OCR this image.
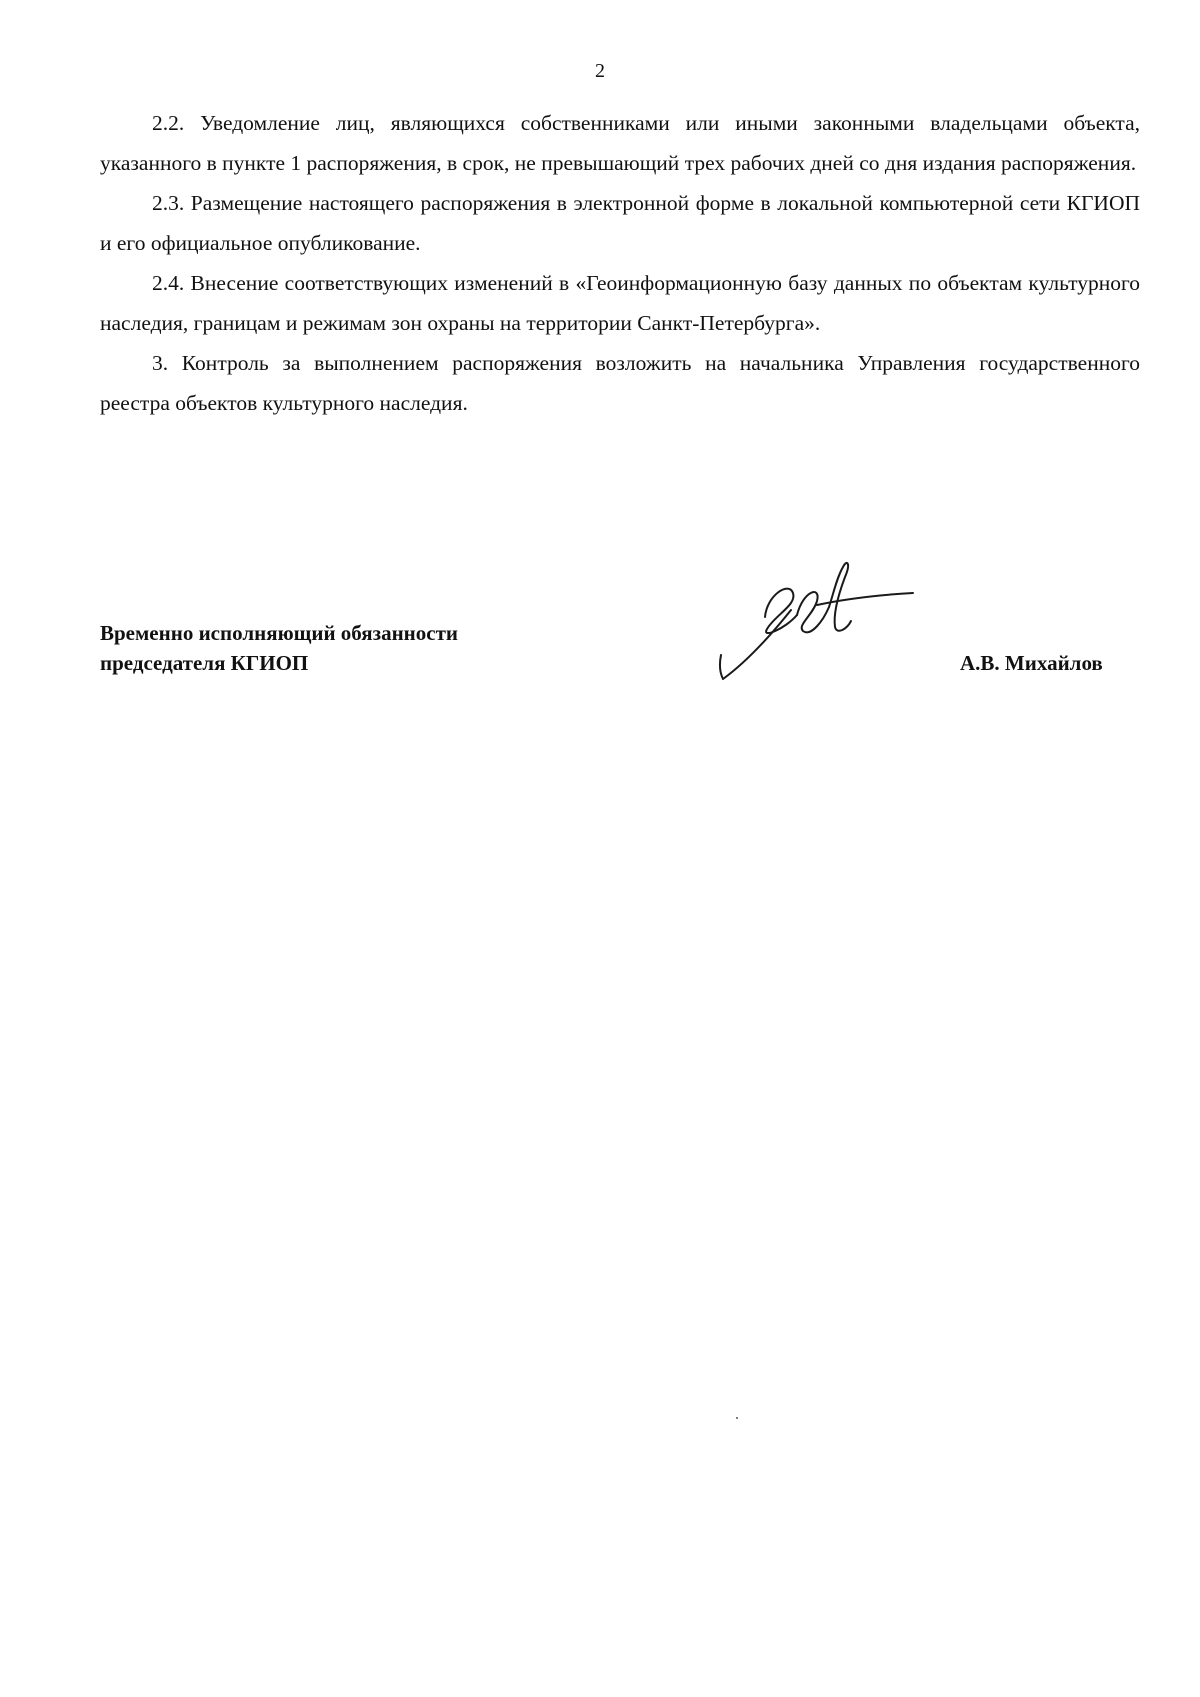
2

2.2. Уведомление лиц, являющихся собственниками или иными законными владельцами объекта, указанного в пункте 1 распоряжения, в срок, не превышающий трех рабочих дней со дня издания распоряжения.

2.3. Размещение настоящего распоряжения в электронной форме в локальной компьютерной сети КГИОП и его официальное опубликование.

2.4. Внесение соответствующих изменений в «Геоинформационную базу данных по объектам культурного наследия, границам и режимам зон охраны на территории Санкт-Петербурга».

3. Контроль за выполнением распоряжения возложить на начальника Управления государственного реестра объектов культурного наследия.

Временно исполняющий обязанности
председателя КГИОП	А.В. Михайлов
